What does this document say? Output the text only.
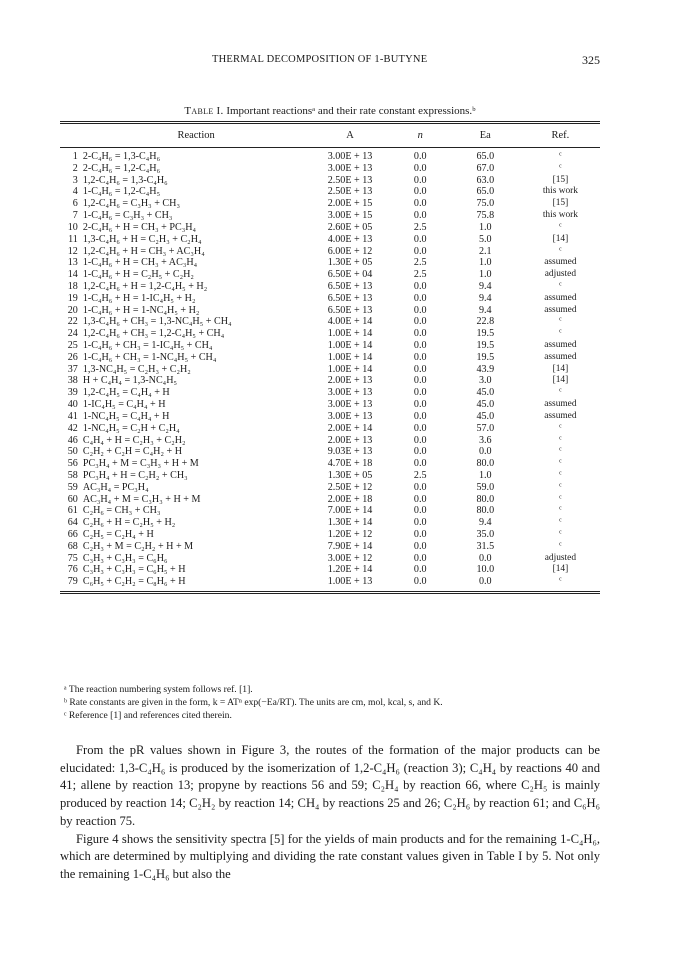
THERMAL DECOMPOSITION OF 1-BUTYNE	325
Table I. Important reactionsᵃ and their rate constant expressions.ᵇ
	Reaction	A	n	Ea	Ref.
1	2-C₄H₆ = 1,3-C₄H₆	3.00E + 13	0.0	65.0	ᶜ
2	2-C₄H₆ = 1,2-C₄H₆	3.00E + 13	0.0	67.0	ᶜ
3	1,2-C₄H₆ = 1,3-C₄H₆	2.50E + 13	0.0	63.0	[15]
4	1-C₄H₆ = 1,2-C₄H₅	2.50E + 13	0.0	65.0	this work
6	1,2-C₄H₆ = C₃H₃ + CH₃	2.00E + 15	0.0	75.0	[15]
7	1-C₄H₆ = C₃H₃ + CH₃	3.00E + 15	0.0	75.8	this work
10	2-C₄H₆ + H = CH₃ + PC₃H₄	2.60E + 05	2.5	1.0	ᶜ
11	1,3-C₄H₆ + H = C₂H₃ + C₂H₄	4.00E + 13	0.0	5.0	[14]
12	1,2-C₄H₆ + H = CH₃ + AC₃H₄	6.00E + 12	0.0	2.1	ᶜ
13	1-C₄H₆ + H = CH₃ + AC₃H₄	1.30E + 05	2.5	1.0	assumed
14	1-C₄H₆ + H = C₂H₅ + C₂H₂	6.50E + 04	2.5	1.0	adjusted
18	1,2-C₄H₆ + H = 1,2-C₄H₅ + H₂	6.50E + 13	0.0	9.4	ᶜ
19	1-C₄H₆ + H = 1-IC₄H₅ + H₂	6.50E + 13	0.0	9.4	assumed
20	1-C₄H₆ + H = 1-NC₄H₅ + H₂	6.50E + 13	0.0	9.4	assumed
22	1,3-C₄H₆ + CH₃ = 1,3-NC₄H₅ + CH₄	4.00E + 14	0.0	22.8	ᶜ
24	1,2-C₄H₆ + CH₃ = 1,2-C₄H₅ + CH₄	1.00E + 14	0.0	19.5	ᶜ
25	1-C₄H₆ + CH₃ = 1-IC₄H₅ + CH₄	1.00E + 14	0.0	19.5	assumed
26	1-C₄H₆ + CH₃ = 1-NC₄H₅ + CH₄	1.00E + 14	0.0	19.5	assumed
37	1,3-NC₄H₅ = C₂H₃ + C₂H₂	1.00E + 14	0.0	43.9	[14]
38	H + C₄H₄ = 1,3-NC₄H₅	2.00E + 13	0.0	3.0	[14]
39	1,2-C₄H₅ = C₄H₄ + H	3.00E + 13	0.0	45.0	ᶜ
40	1-IC₄H₅ = C₄H₄ + H	3.00E + 13	0.0	45.0	assumed
41	1-NC₄H₅ = C₄H₄ + H	3.00E + 13	0.0	45.0	assumed
42	1-NC₄H₅ = C₂H + C₂H₄	2.00E + 14	0.0	57.0	ᶜ
46	C₄H₄ + H = C₂H₃ + C₂H₂	2.00E + 13	0.0	3.6	ᶜ
50	C₂H₂ + C₂H = C₄H₂ + H	9.03E + 13	0.0	0.0	ᶜ
56	PC₃H₄ + M = C₃H₃ + H + M	4.70E + 18	0.0	80.0	ᶜ
58	PC₃H₄ + H = C₂H₂ + CH₃	1.30E + 05	2.5	1.0	ᶜ
59	AC₃H₄ = PC₃H₄	2.50E + 12	0.0	59.0	ᶜ
60	AC₃H₄ + M = C₃H₃ + H + M	2.00E + 18	0.0	80.0	ᶜ
61	C₂H₆ = CH₃ + CH₃	7.00E + 14	0.0	80.0	ᶜ
64	C₂H₆ + H = C₂H₅ + H₂	1.30E + 14	0.0	9.4	ᶜ
66	C₂H₅ = C₂H₄ + H	1.20E + 12	0.0	35.0	ᶜ
68	C₂H₃ + M = C₂H₂ + H + M	7.90E + 14	0.0	31.5	ᶜ
75	C₃H₃ + C₃H₃ = C₆H₆	3.00E + 12	0.0	0.0	adjusted
76	C₃H₃ + C₃H₃ = C₆H₅ + H	1.20E + 14	0.0	10.0	[14]
79	C₆H₅ + C₂H₂ = C₈H₆ + H	1.00E + 13	0.0	0.0	ᶜ

ᵃ The reaction numbering system follows ref. [1].
ᵇ Rate constants are given in the form, k = ATⁿ exp(−Ea/RT). The units are cm, mol, kcal, s, and K.
ᶜ Reference [1] and references cited therein.

From the pR values shown in Figure 3, the routes of the formation of the major products can be elucidated: 1,3-C₄H₆ is produced by the isomerization of 1,2-C₄H₆ (reaction 3); C₄H₄ by reactions 40 and 41; allene by reaction 13; propyne by reactions 56 and 59; C₂H₄ by reaction 66, where C₂H₅ is mainly produced by reaction 14; C₂H₂ by reaction 14; CH₄ by reactions 25 and 26; C₂H₆ by reaction 61; and C₆H₆ by reaction 75.

Figure 4 shows the sensitivity spectra [5] for the yields of main products and for the remaining 1-C₄H₆, which are determined by multiplying and dividing the rate constant values given in Table I by 5. Not only the remaining 1-C₄H₆ but also the
